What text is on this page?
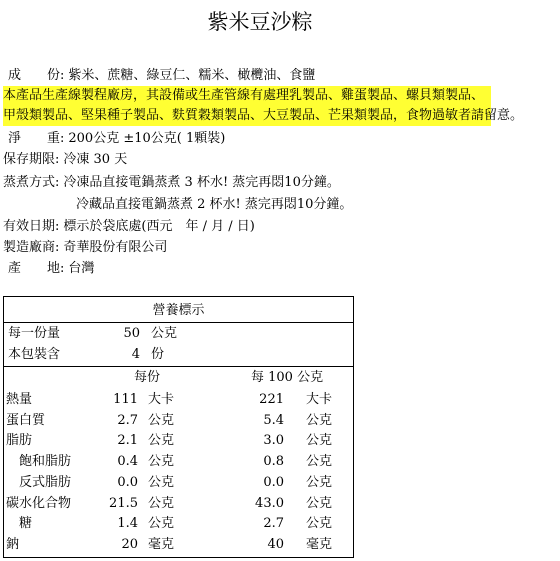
紫米豆沙粽
成 份 : 紫米、蔗糖、綠豆仁、糯米、橄欖油、食鹽
本產品生產線製程廠房，其設備或生產管線有處理乳製品、雞蛋製品、螺貝類製品、
甲殼類製品、堅果種子製品、麩質穀類製品、大豆製品、芒果類製品，食物過敏者請留意。
淨 重 : 200公克 ±10公克( 1顆裝)
保存期限: 冷凍 30 天
蒸煮方式: 冷凍品直接電鍋蒸煮 3 杯水! 蒸完再悶10分鐘。
冷藏品直接電鍋蒸煮 2 杯水! 蒸完再悶10分鐘。
有效日期: 標示於袋底處(西元　年 / 月 / 日)
製造廠商: 奇華股份有限公司
產 地 : 台灣
營養標示
每一份量	50 公克
本包裝含	4 份
每份	每 100 公克
熱量	111 大卡	221 大卡
蛋白質	2.7 公克	5.4 公克
脂肪	2.1 公克	3.0 公克
　飽和脂肪	0.4 公克	0.8 公克
　反式脂肪	0.0 公克	0.0 公克
碳水化合物	21.5 公克	43.0 公克
　糖	1.4 公克	2.7 公克
鈉	20 毫克	40 毫克
